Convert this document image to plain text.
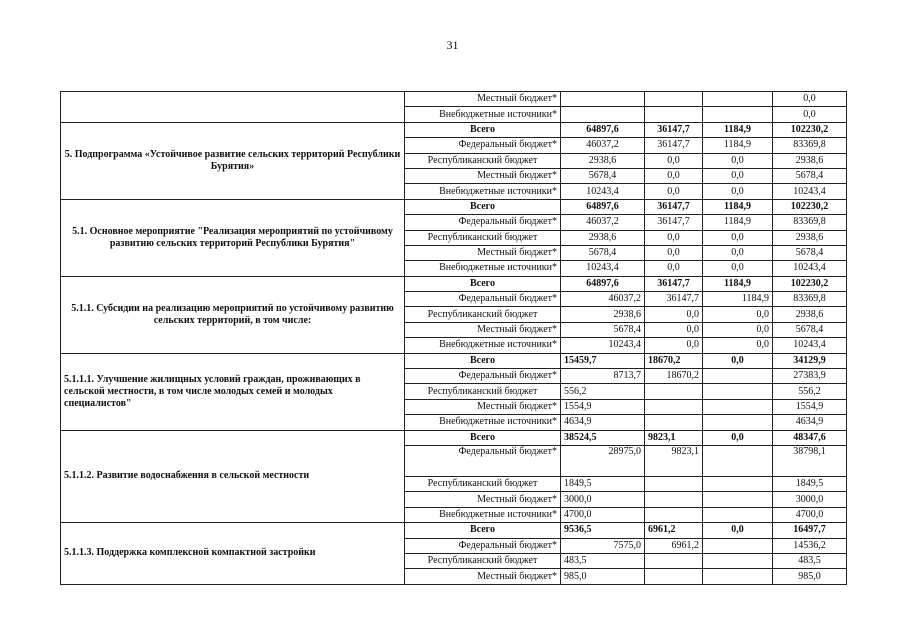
31
	Местный бюджет*				0,0
	Внебюджетные источники*				0,0
5. Подпрограмма «Устойчивое развитие сельских территорий Республики Бурятия»	Всего	64897,6	36147,7	1184,9	102230,2
	Федеральный бюджет*	46037,2	36147,7	1184,9	83369,8
	Республиканский бюджет	2938,6	0,0	0,0	2938,6
	Местный бюджет*	5678,4	0,0	0,0	5678,4
	Внебюджетные источники*	10243,4	0,0	0,0	10243,4
5.1. Основное мероприятие "Реализация мероприятий по устойчивому развитию сельских территорий Республики Бурятия"	Всего	64897,6	36147,7	1184,9	102230,2
	Федеральный бюджет*	46037,2	36147,7	1184,9	83369,8
	Республиканский бюджет	2938,6	0,0	0,0	2938,6
	Местный бюджет*	5678,4	0,0	0,0	5678,4
	Внебюджетные источники*	10243,4	0,0	0,0	10243,4
5.1.1. Субсидии на реализацию мероприятий по устойчивому развитию сельских территорий, в том числе:	Всего	64897,6	36147,7	1184,9	102230,2
	Федеральный бюджет*	46037,2	36147,7	1184,9	83369,8
	Республиканский бюджет	2938,6	0,0	0,0	2938,6
	Местный бюджет*	5678,4	0,0	0,0	5678,4
	Внебюджетные источники*	10243,4	0,0	0,0	10243,4
5.1.1.1. Улучшение жилищных условий граждан, проживающих в сельской местности, в том числе молодых семей и молодых специалистов"	Всего	15459,7	18670,2	0,0	34129,9
	Федеральный бюджет*	8713,7	18670,2		27383,9
	Республиканский бюджет	556,2			556,2
	Местный бюджет*	1554,9			1554,9
	Внебюджетные источники*	4634,9			4634,9
5.1.1.2. Развитие водоснабжения в сельской местности	Всего	38524,5	9823,1	0,0	48347,6
	Федеральный бюджет*	28975,0	9823,1		38798,1
	Республиканский бюджет	1849,5			1849,5
	Местный бюджет*	3000,0			3000,0
	Внебюджетные источники*	4700,0			4700,0
5.1.1.3. Поддержка комплексной компактной застройки	Всего	9536,5	6961,2	0,0	16497,7
	Федеральный бюджет*	7575,0	6961,2		14536,2
	Республиканский бюджет	483,5			483,5
	Местный бюджет*	985,0			985,0
